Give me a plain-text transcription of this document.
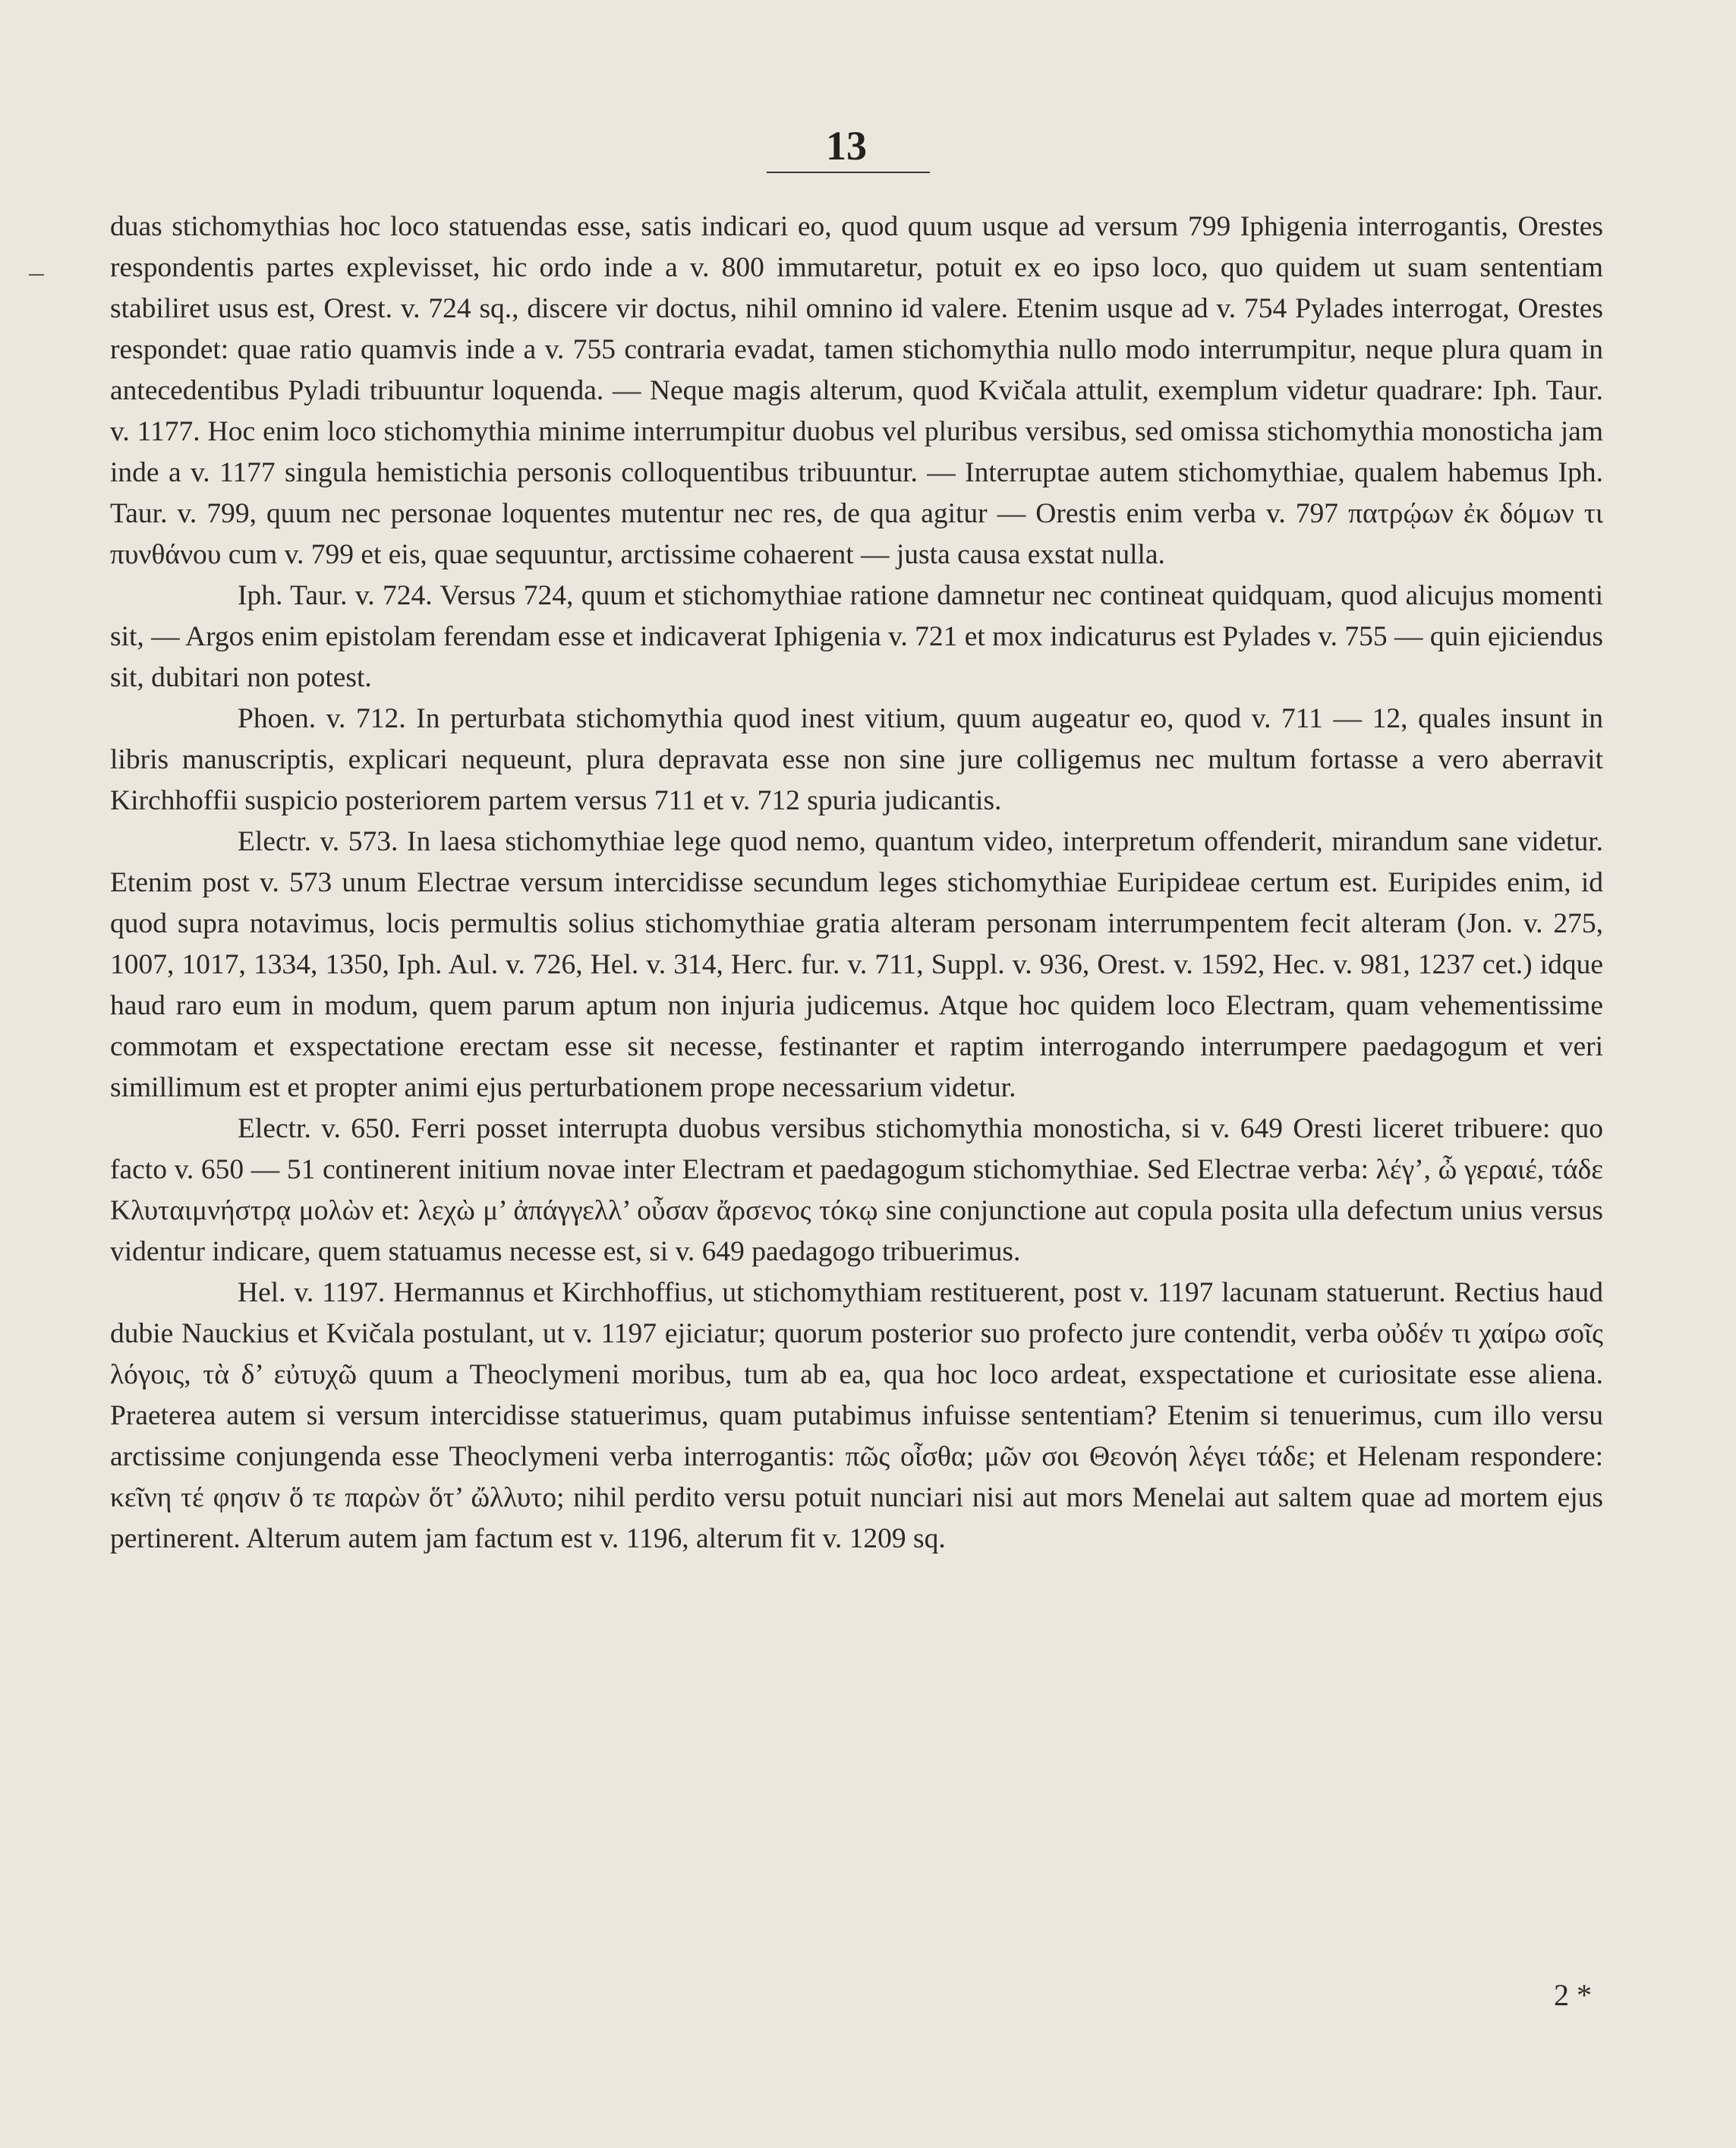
13

duas stichomythias hoc loco statuendas esse, satis indicari eo, quod quum usque ad versum 799 Iphigenia interrogantis, Orestes respondentis partes explevisset, hic ordo inde a v. 800 immutaretur, potuit ex eo ipso loco, quo quidem ut suam sententiam stabiliret usus est, Orest. v. 724 sq., discere vir doctus, nihil omnino id valere. Etenim usque ad v. 754 Pylades interrogat, Orestes respondet: quae ratio quamvis inde a v. 755 contraria evadat, tamen stichomythia nullo modo interrumpitur, neque plura quam in antecedentibus Pyladi tribuuntur loquenda. — Neque magis alterum, quod Kvičala attulit, exemplum videtur quadrare: Iph. Taur. v. 1177. Hoc enim loco stichomythia minime interrumpitur duobus vel pluribus versibus, sed omissa stichomythia monosticha jam inde a v. 1177 singula hemistichia personis colloquentibus tribuuntur. — Interruptae autem stichomythiae, qualem habemus Iph. Taur. v. 799, quum nec personae loquentes mutentur nec res, de qua agitur — Orestis enim verba v. 797 πατρῴων ἐκ δόμων τι πυνθάνου cum v. 799 et eis, quae sequuntur, arctissime cohaerent — justa causa exstat nulla.

Iph. Taur. v. 724. Versus 724, quum et stichomythiae ratione damnetur nec contineat quidquam, quod alicujus momenti sit, — Argos enim epistolam ferendam esse et indicaverat Iphigenia v. 721 et mox indicaturus est Pylades v. 755 — quin ejiciendus sit, dubitari non potest.

Phoen. v. 712. In perturbata stichomythia quod inest vitium, quum augeatur eo, quod v. 711 — 12, quales insunt in libris manuscriptis, explicari nequeunt, plura depravata esse non sine jure colligemus nec multum fortasse a vero aberravit Kirchhoffii suspicio posteriorem partem versus 711 et v. 712 spuria judicantis.

Electr. v. 573. In laesa stichomythiae lege quod nemo, quantum video, interpretum offenderit, mirandum sane videtur. Etenim post v. 573 unum Electrae versum intercidisse secundum leges stichomythiae Euripideae certum est. Euripides enim, id quod supra notavimus, locis permultis solius stichomythiae gratia alteram personam interrumpentem fecit alteram (Jon. v. 275, 1007, 1017, 1334, 1350, Iph. Aul. v. 726, Hel. v. 314, Herc. fur. v. 711, Suppl. v. 936, Orest. v. 1592, Hec. v. 981, 1237 cet.) idque haud raro eum in modum, quem parum aptum non injuria judicemus. Atque hoc quidem loco Electram, quam vehementissime commotam et exspectatione erectam esse sit necesse, festinanter et raptim interrogando interrumpere paedagogum et veri simillimum est et propter animi ejus perturbationem prope necessarium videtur.

Electr. v. 650. Ferri posset interrupta duobus versibus stichomythia monosticha, si v. 649 Oresti liceret tribuere: quo facto v. 650 — 51 continerent initium novae inter Electram et paedagogum stichomythiae. Sed Electrae verba: λέγ’, ὦ γεραιέ, τάδε Κλυταιμνήστρᾳ μολὼν et: λεχὼ μ’ ἀπάγγελλ’ οὖσαν ἄρσενος τόκῳ sine conjunctione aut copula posita ulla defectum unius versus videntur indicare, quem statuamus necesse est, si v. 649 paedagogo tribuerimus.

Hel. v. 1197. Hermannus et Kirchhoffius, ut stichomythiam restituerent, post v. 1197 lacunam statuerunt. Rectius haud dubie Nauckius et Kvičala postulant, ut v. 1197 ejiciatur; quorum posterior suo profecto jure contendit, verba οὐδέν τι χαίρω σοῖς λόγοις, τὰ δ’ εὐτυχῶ quum a Theoclymeni moribus, tum ab ea, qua hoc loco ardeat, exspectatione et curiositate esse aliena. Praeterea autem si versum intercidisse statuerimus, quam putabimus infuisse sententiam? Etenim si tenuerimus, cum illo versu arctissime conjungenda esse Theoclymeni verba interrogantis: πῶς οἶσθα; μῶν σοι Θεονόη λέγει τάδε; et Helenam respondere: κεῖνη τέ φησιν ὅ τε παρὼν ὅτ’ ὤλλυτο; nihil perdito versu potuit nunciari nisi aut mors Menelai aut saltem quae ad mortem ejus pertinerent. Alterum autem jam factum est v. 1196, alterum fit v. 1209 sq.

2 *
